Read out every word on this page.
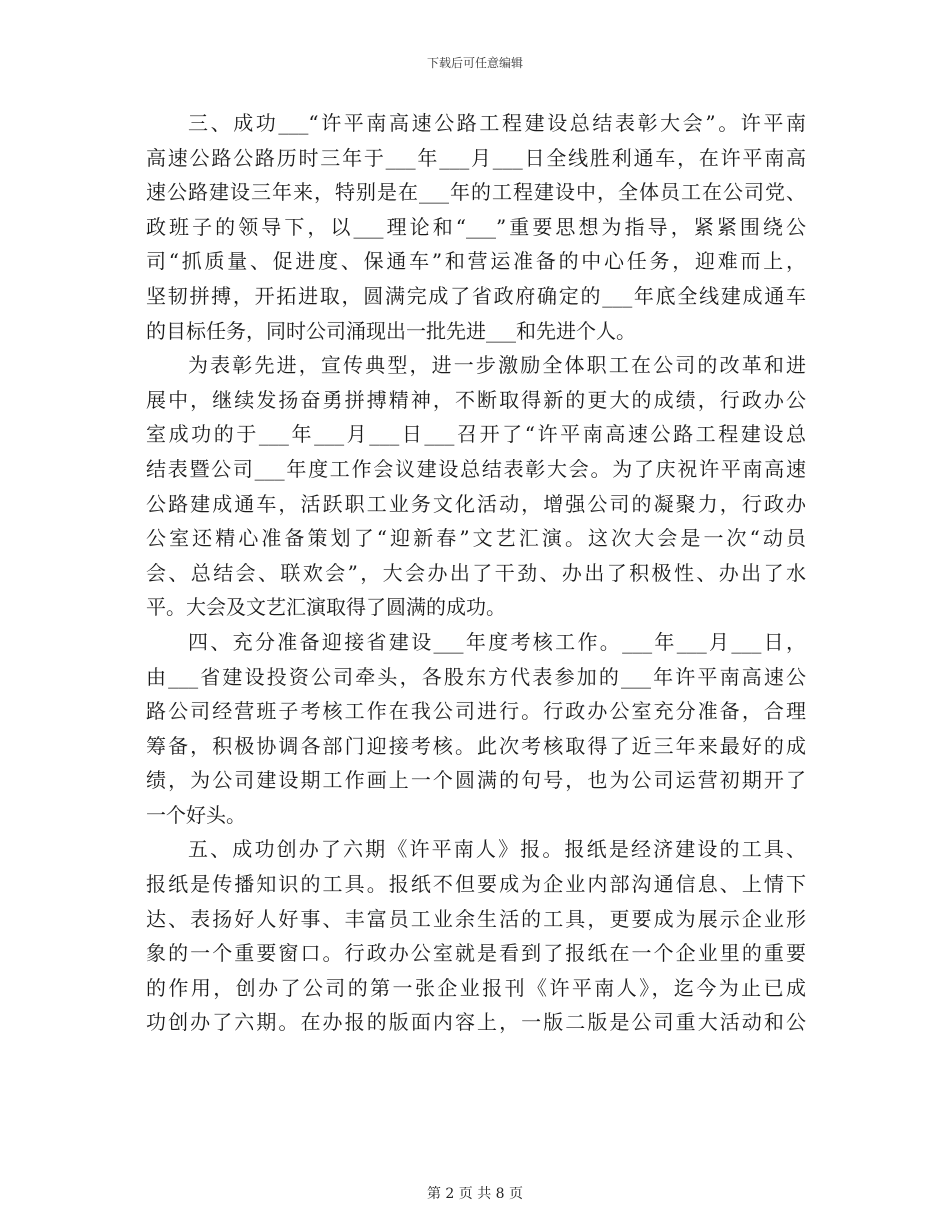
下载后可任意编辑
三、成功___“许平南高速公路工程建设总结表彰大会”。许平南
高速公路公路历时三年于___年___月___日全线胜利通车，在许平南高
速公路建设三年来，特别是在___年的工程建设中，全体员工在公司党、
政班子的领导下，以___理论和“___”重要思想为指导，紧紧围绕公
司“抓质量、促进度、保通车”和营运准备的中心任务，迎难而上，
坚韧拼搏，开拓进取，圆满完成了省政府确定的___年底全线建成通车
的目标任务，同时公司涌现出一批先进___和先进个人。
为表彰先进，宣传典型，进一步激励全体职工在公司的改革和进
展中，继续发扬奋勇拼搏精神，不断取得新的更大的成绩，行政办公
室成功的于___年___月___日___召开了“许平南高速公路工程建设总
结表暨公司___年度工作会议建设总结表彰大会。为了庆祝许平南高速
公路建成通车，活跃职工业务文化活动，增强公司的凝聚力，行政办
公室还精心准备策划了“迎新春”文艺汇演。这次大会是一次“动员
会、总结会、联欢会”，大会办出了干劲、办出了积极性、办出了水
平。大会及文艺汇演取得了圆满的成功。
四、充分准备迎接省建设___年度考核工作。___年___月___日，
由___省建设投资公司牵头，各股东方代表参加的___年许平南高速公
路公司经营班子考核工作在我公司进行。行政办公室充分准备，合理
筹备，积极协调各部门迎接考核。此次考核取得了近三年来最好的成
绩，为公司建设期工作画上一个圆满的句号，也为公司运营初期开了
一个好头。
五、成功创办了六期《许平南人》报。报纸是经济建设的工具、
报纸是传播知识的工具。报纸不但要成为企业内部沟通信息、上情下
达、表扬好人好事、丰富员工业余生活的工具，更要成为展示企业形
象的一个重要窗口。行政办公室就是看到了报纸在一个企业里的重要
的作用，创办了公司的第一张企业报刊《许平南人》，迄今为止已成
功创办了六期。在办报的版面内容上，一版二版是公司重大活动和公
第 2 页 共 8 页
